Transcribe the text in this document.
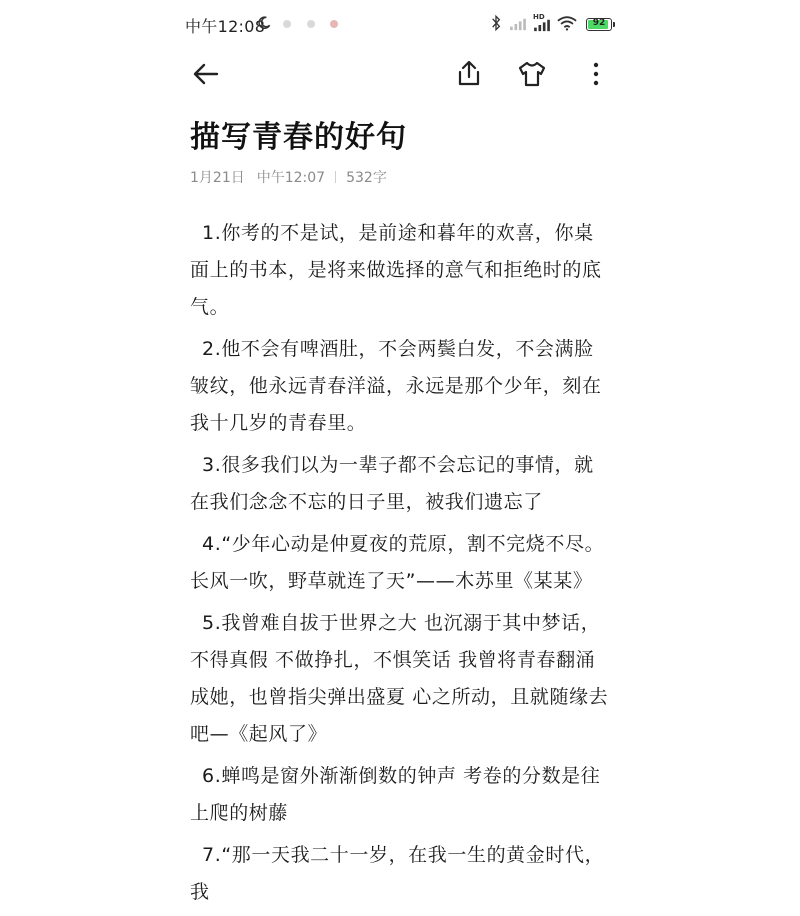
中午12:08	HD
92
描写青春的好句
1月21日 中午12:07 532字

1.你考的不是试，是前途和暮年的欢喜，你桌面上的书本，是将来做选择的意气和拒绝时的底气。

2.他不会有啤酒肚，不会两鬓白发，不会满脸皱纹，他永远青春洋溢，永远是那个少年，刻在我十几岁的青春里。

3.很多我们以为一辈子都不会忘记的事情，就在我们念念不忘的日子里，被我们遗忘了

4.“少年心动是仲夏夜的荒原，割不完烧不尽。长风一吹，野草就连了天”——木苏里《某某》

5.我曾难自拔于世界之大 也沉溺于其中梦话，不得真假 不做挣扎，不惧笑话 我曾将青春翻涌成她，也曾指尖弹出盛夏 心之所动，且就随缘去吧—《起风了》

6.蝉鸣是窗外渐渐倒数的钟声 考卷的分数是往上爬的树藤

7.“那一天我二十一岁，在我一生的黄金时代，我
